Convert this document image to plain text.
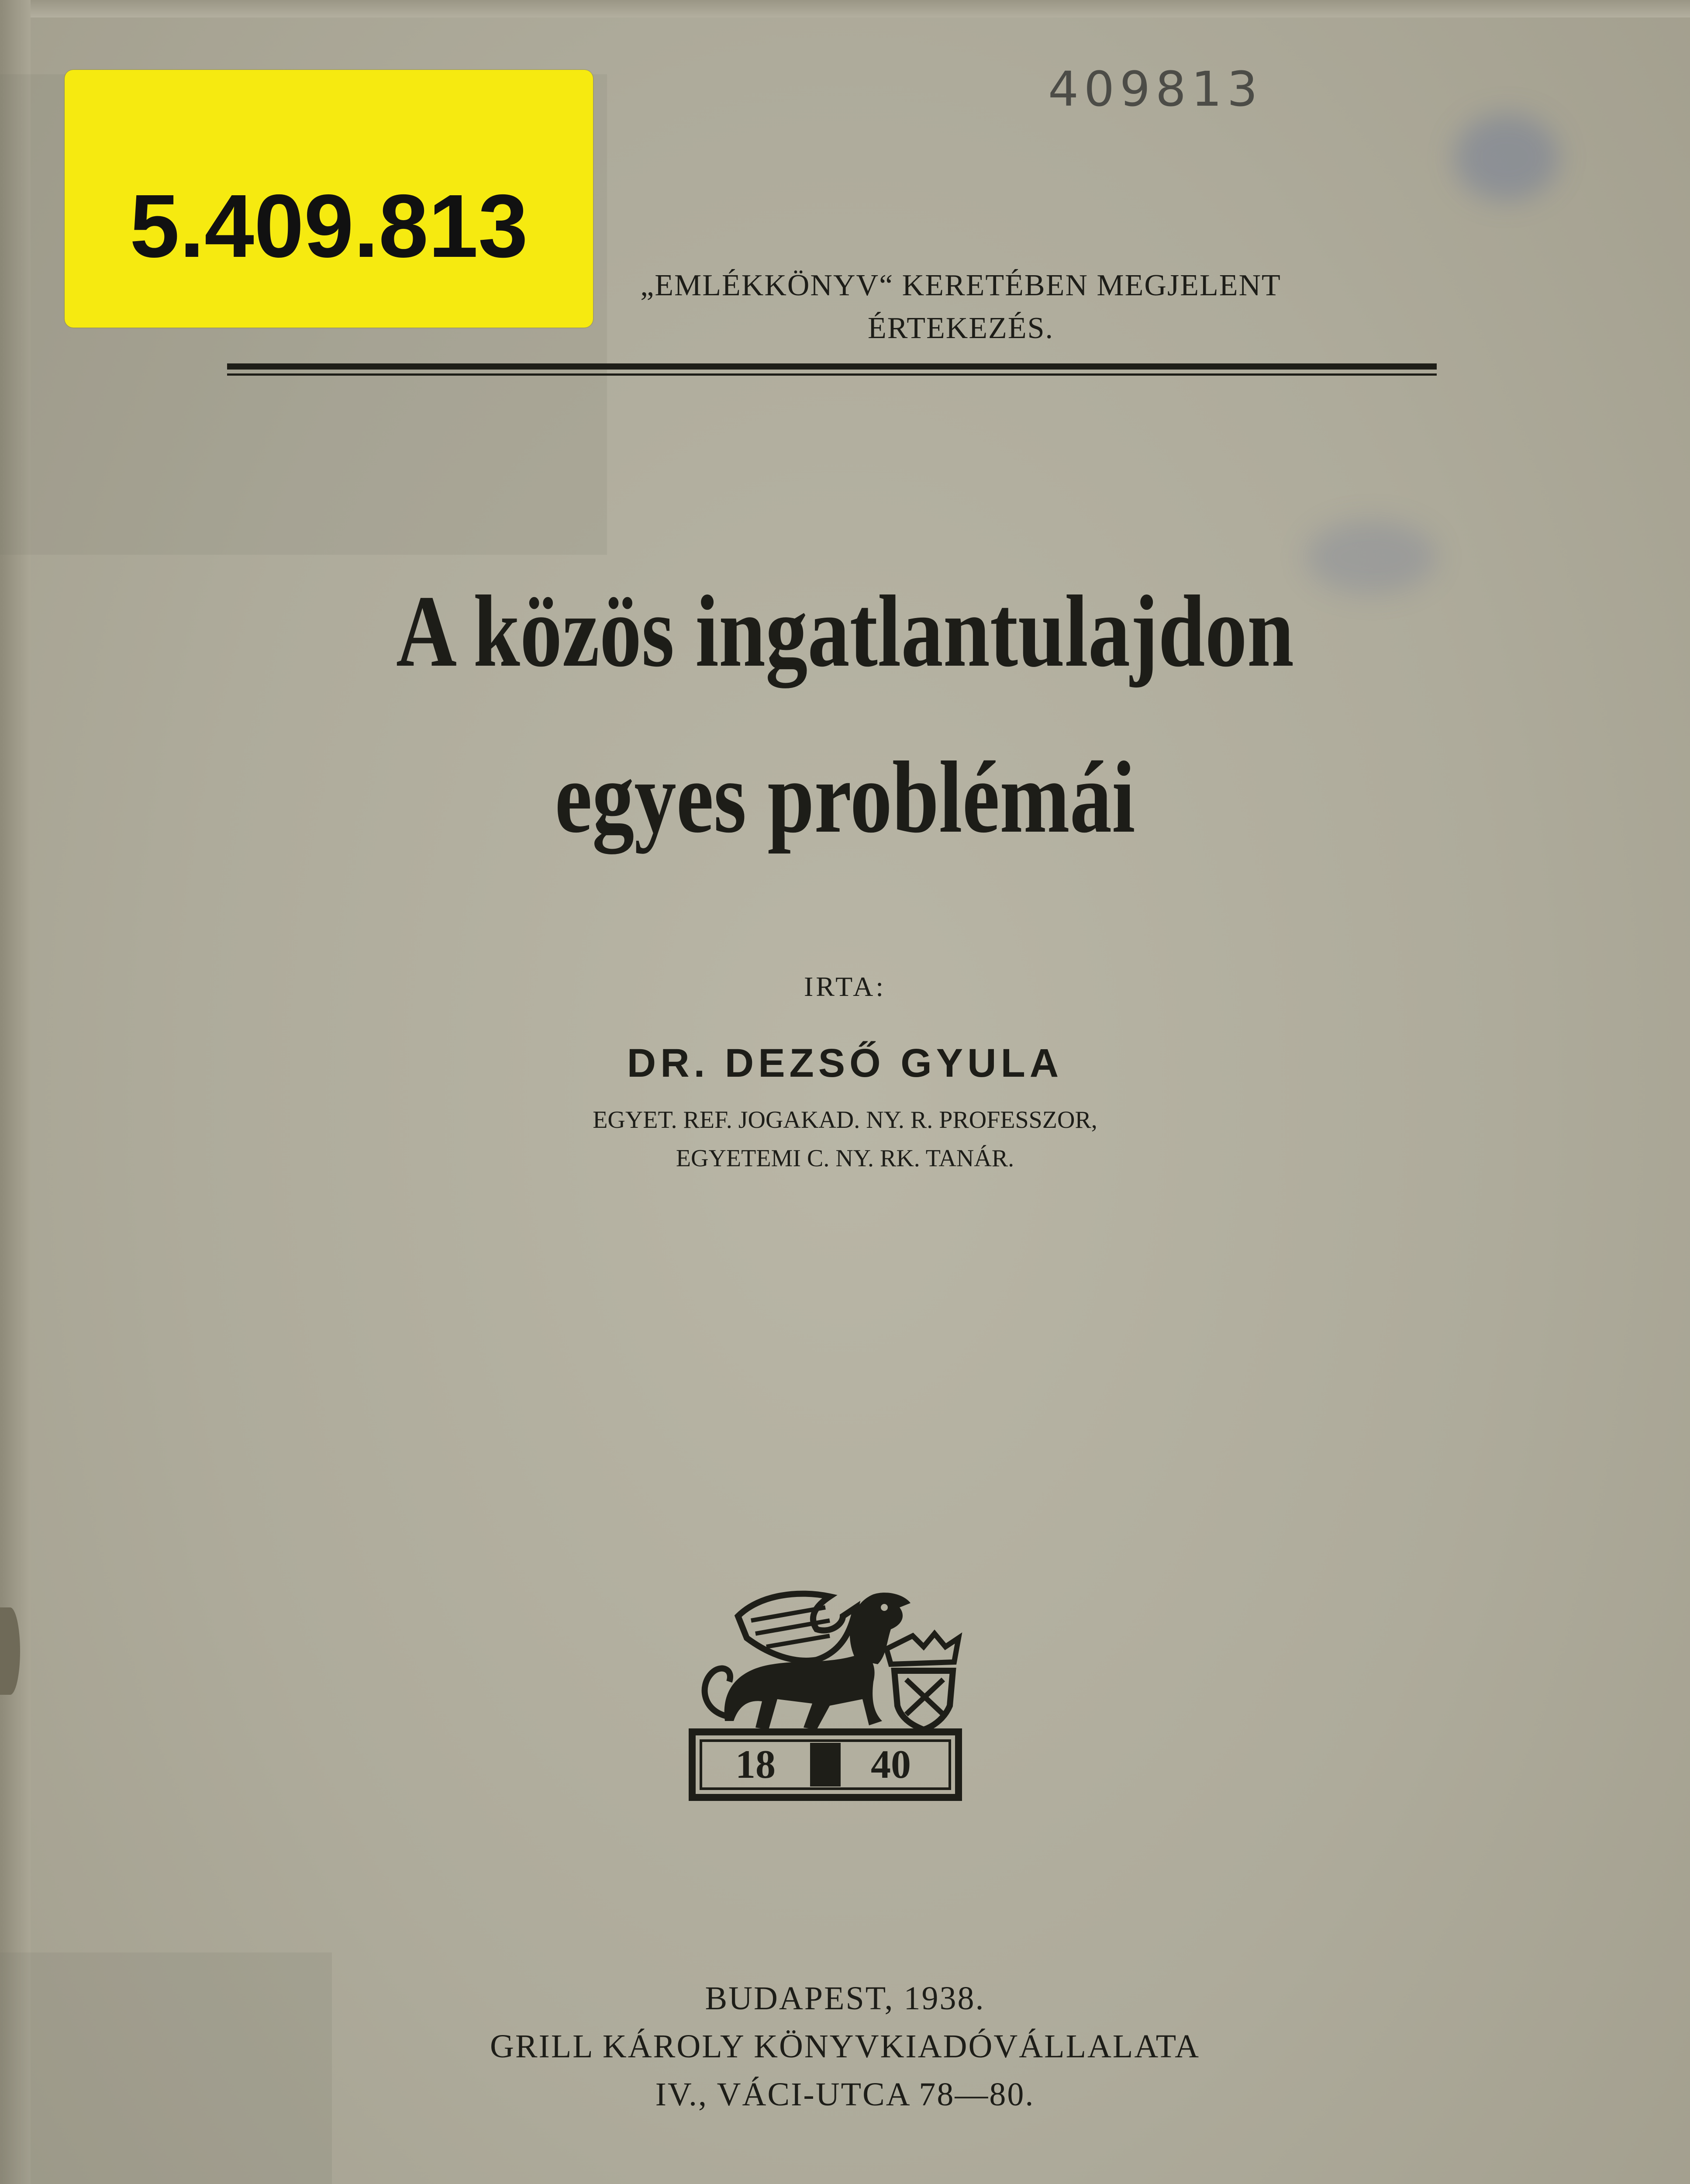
409813
„EMLÉKKÖNYV“ KERETÉBEN MEGJELENT
ÉRTEKEZÉS.
5.409.813
A közös ingatlantulajdon
egyes problémái
IRTA:
DR. DEZSŐ GYULA
EGYET. REF. JOGAKAD. NY. R. PROFESSZOR,
EGYETEMI C. NY. RK. TANÁR.
18 40
BUDAPEST, 1938.
GRILL KÁROLY KÖNYVKIADÓVÁLLALATA
IV., VÁCI-UTCA 78—80.
